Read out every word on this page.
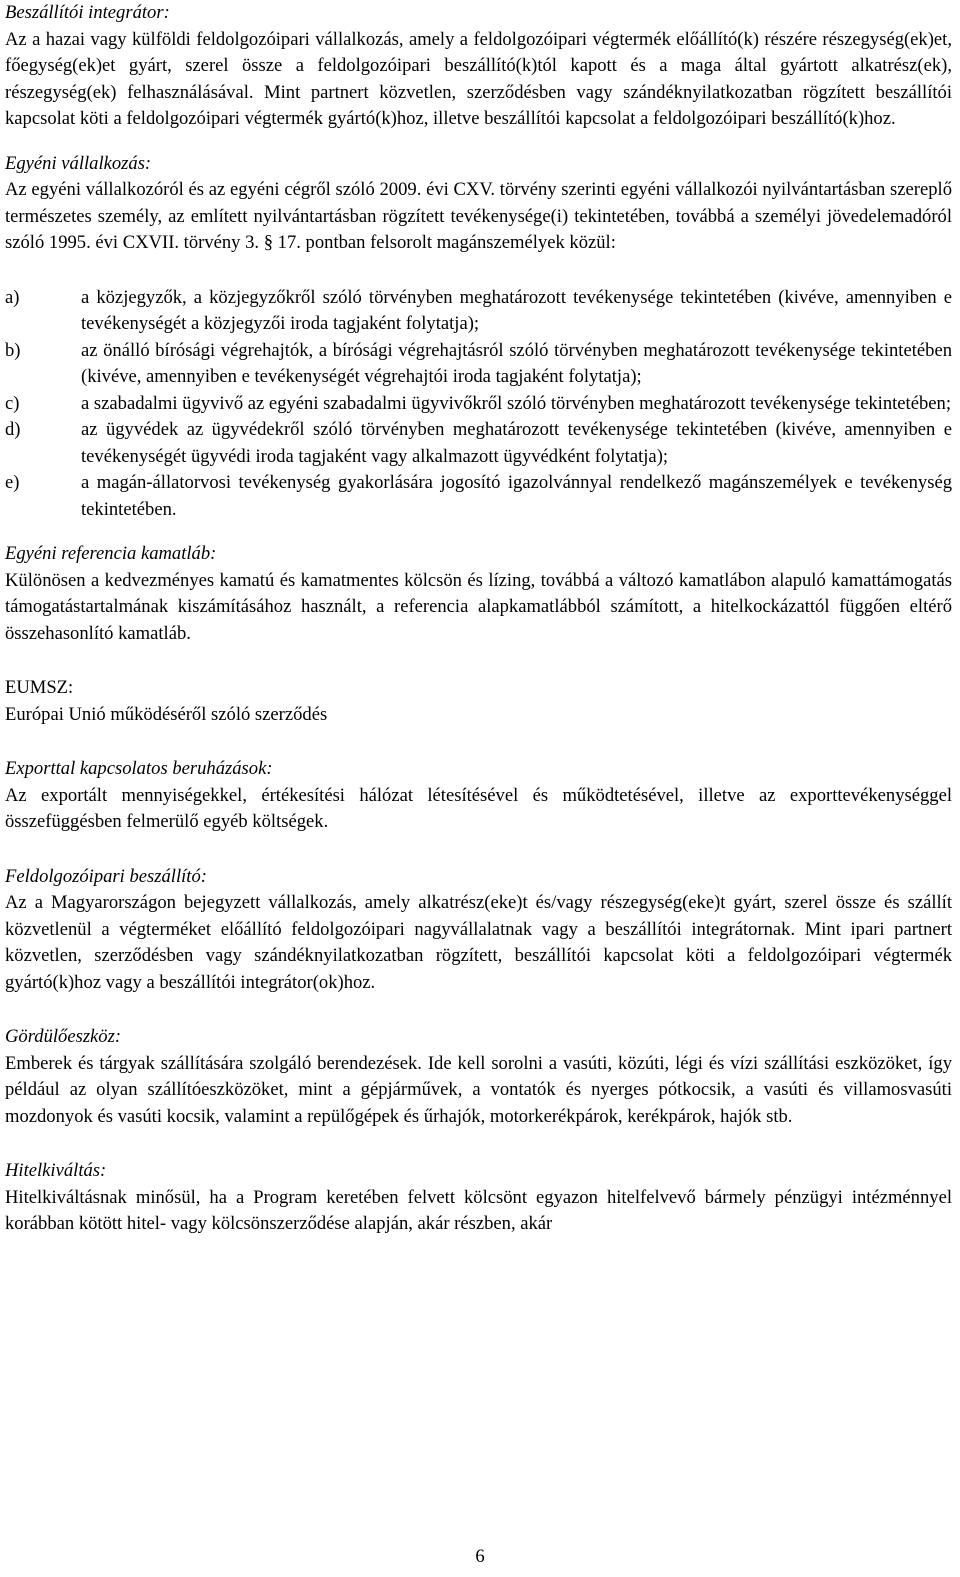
Beszállítói integrátor:

Az a hazai vagy külföldi feldolgozóipari vállalkozás, amely a feldolgozóipari végtermék előállító(k) részére részegység(ek)et, főegység(ek)et gyárt, szerel össze a feldolgozóipari beszállító(k)tól kapott és a maga által gyártott alkatrész(ek), részegység(ek) felhasználásával. Mint partnert közvetlen, szerződésben vagy szándéknyilatkozatban rögzített beszállítói kapcsolat köti a feldolgozóipari végtermék gyártó(k)hoz, illetve beszállítói kapcsolat a feldolgozóipari beszállító(k)hoz.

Egyéni vállalkozás:

Az egyéni vállalkozóról és az egyéni cégről szóló 2009. évi CXV. törvény szerinti egyéni vállalkozói nyilvántartásban szereplő természetes személy, az említett nyilvántartásban rögzített tevékenysége(i) tekintetében, továbbá a személyi jövedelemadóról szóló 1995. évi CXVII. törvény 3. § 17. pontban felsorolt magánszemélyek közül:

a)	a közjegyzők, a közjegyzőkről szóló törvényben meghatározott tevékenysége tekintetében (kivéve, amennyiben e tevékenységét a közjegyzői iroda tagjaként folytatja);
b)	az önálló bírósági végrehajtók, a bírósági végrehajtásról szóló törvényben meghatározott tevékenysége tekintetében (kivéve, amennyiben e tevékenységét végrehajtói iroda tagjaként folytatja);
c)	a szabadalmi ügyvivő az egyéni szabadalmi ügyvivőkről szóló törvényben meghatározott tevékenysége tekintetében;
d)	az ügyvédek az ügyvédekről szóló törvényben meghatározott tevékenysége tekintetében (kivéve, amennyiben e tevékenységét ügyvédi iroda tagjaként vagy alkalmazott ügyvédként folytatja);
e)	a magán-állatorvosi tevékenység gyakorlására jogosító igazolvánnyal rendelkező magánszemélyek e tevékenység tekintetében.

Egyéni referencia kamatláb:

Különösen a kedvezményes kamatú és kamatmentes kölcsön és lízing, továbbá a változó kamatlábon alapuló kamattámogatás támogatástartalmának kiszámításához használt, a referencia alapkamatlábból számított, a hitelkockázattól függően eltérő összehasonlító kamatláb.

EUMSZ:

Európai Unió működéséről szóló szerződés

Exporttal kapcsolatos beruházások:

Az exportált mennyiségekkel, értékesítési hálózat létesítésével és működtetésével, illetve az exporttevékenységgel összefüggésben felmerülő egyéb költségek.

Feldolgozóipari beszállító:

Az a Magyarországon bejegyzett vállalkozás, amely alkatrész(eke)t és/vagy részegység(eke)t gyárt, szerel össze és szállít közvetlenül a végterméket előállító feldolgozóipari nagyvállalatnak vagy a beszállítói integrátornak. Mint ipari partnert közvetlen, szerződésben vagy szándéknyilatkozatban rögzített, beszállítói kapcsolat köti a feldolgozóipari végtermék gyártó(k)hoz vagy a beszállítói integrátor(ok)hoz.

Gördülőeszköz:

Emberek és tárgyak szállítására szolgáló berendezések. Ide kell sorolni a vasúti, közúti, légi és vízi szállítási eszközöket, így például az olyan szállítóeszközöket, mint a gépjárművek, a vontatók és nyerges pótkocsik, a vasúti és villamosvasúti mozdonyok és vasúti kocsik, valamint a repülőgépek és űrhajók, motorkerékpárok, kerékpárok, hajók stb.

Hitelkiváltás:

Hitelkiváltásnak minősül, ha a Program keretében felvett kölcsönt egyazon hitelfelvevő bármely pénzügyi intézménnyel korábban kötött hitel- vagy kölcsönszerződése alapján, akár részben, akár

6
